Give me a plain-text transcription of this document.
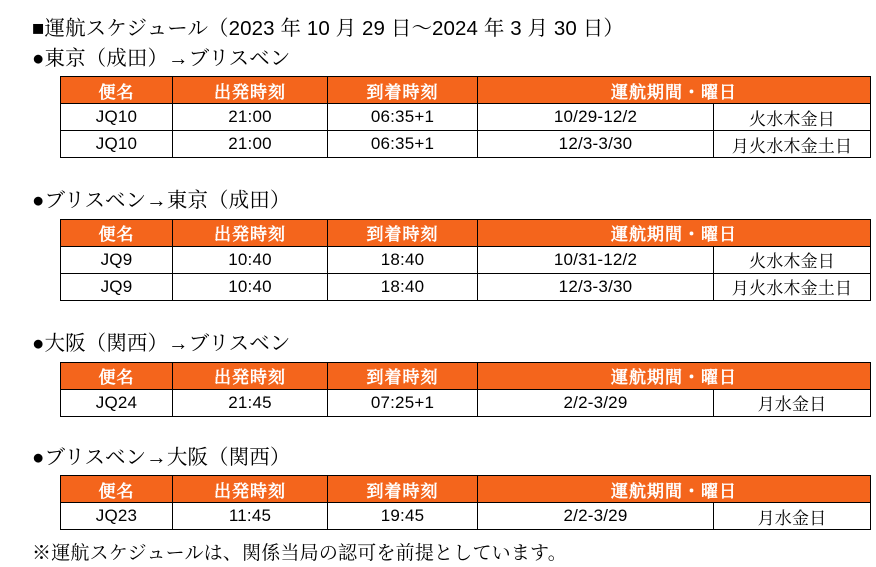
■運航スケジュール（2023 年 10 月 29 日〜2024 年 3 月 30 日）
●東京（成田）→ブリスベン
便名	出発時刻	到着時刻	運航期間・曜日	
JQ10	21:00	06:35+1	10/29-12/2	火水木金日
JQ10	21:00	06:35+1	12/3-3/30	月火水木金土日
●ブリスベン→東京（成田）
便名	出発時刻	到着時刻	運航期間・曜日	
JQ9	10:40	18:40	10/31-12/2	火水木金日
JQ9	10:40	18:40	12/3-3/30	月火水木金土日
●大阪（関西）→ブリスベン
便名	出発時刻	到着時刻	運航期間・曜日	
JQ24	21:45	07:25+1	2/2-3/29	月水金日
●ブリスベン→大阪（関西）
便名	出発時刻	到着時刻	運航期間・曜日	
JQ23	11:45	19:45	2/2-3/29	月水金日
※運航スケジュールは、関係当局の認可を前提としています。
